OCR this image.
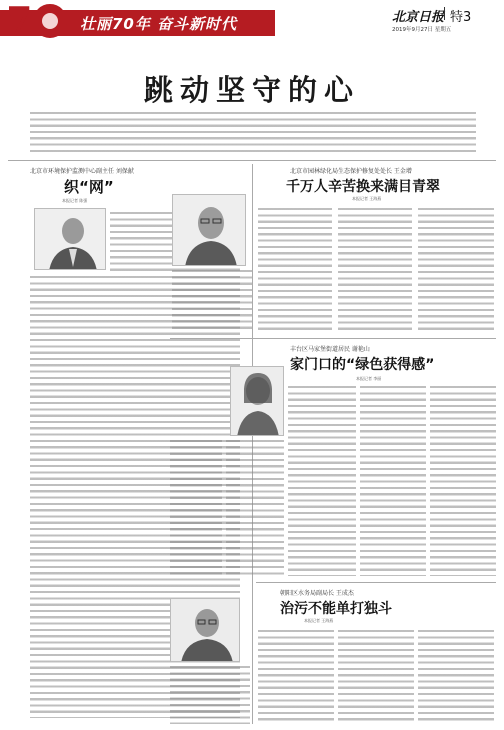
7	壮丽70年 奋斗新时代	北京日报 特3
2019年9月27日 星期五
跳动坚守的心
北京市环境保护监测中心副主任 刘保献
织“网”
本报记者 陈强
北京市园林绿化局生态保护修复处处长 王金增
千万人辛苦换来满目青翠
本报记者 王海燕
丰台区马家堡街道居民 谢艳山
家门口的“绿色获得感”
本报记者 李丽
朝阳区水务局副局长 王成杰
治污不能单打独斗
本报记者 王海燕
